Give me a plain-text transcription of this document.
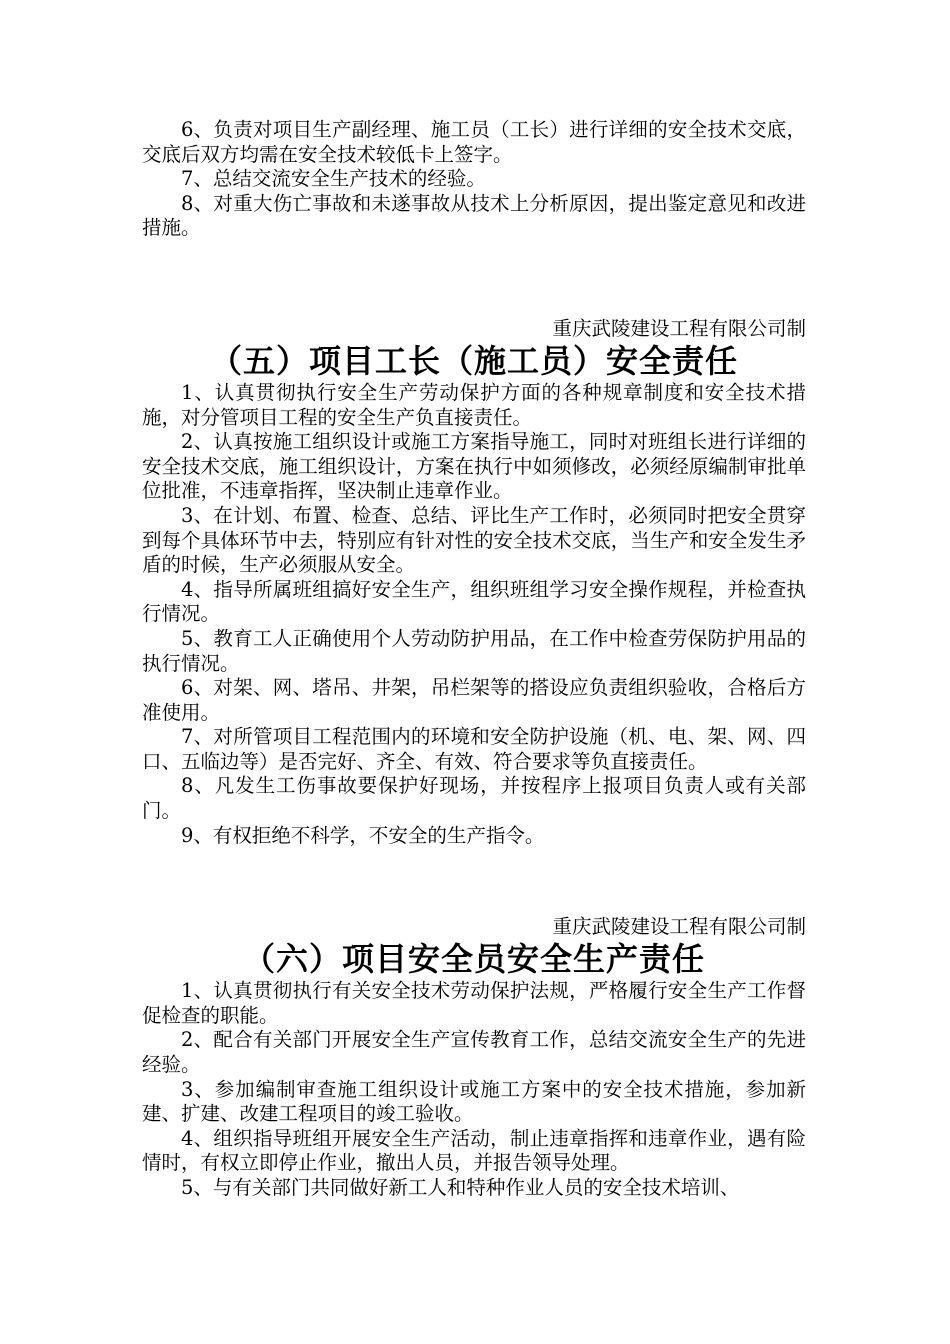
6、负责对项目生产副经理、施工员（工长）进行详细的安全技术交底，交底后双方均需在安全技术较低卡上签字。

7、总结交流安全生产技术的经验。

8、对重大伤亡事故和未遂事故从技术上分析原因，提出鉴定意见和改进措施。

重庆武陵建设工程有限公司制

（五）项目工长（施工员）安全责任

1、认真贯彻执行安全生产劳动保护方面的各种规章制度和安全技术措施，对分管项目工程的安全生产负直接责任。

2、认真按施工组织设计或施工方案指导施工，同时对班组长进行详细的安全技术交底，施工组织设计，方案在执行中如须修改，必须经原编制审批单位批准，不违章指挥，坚决制止违章作业。

3、在计划、布置、检查、总结、评比生产工作时，必须同时把安全贯穿到每个具体环节中去，特别应有针对性的安全技术交底，当生产和安全发生矛盾的时候，生产必须服从安全。

4、指导所属班组搞好安全生产，组织班组学习安全操作规程，并检查执行情况。

5、教育工人正确使用个人劳动防护用品，在工作中检查劳保防护用品的执行情况。

6、对架、网、塔吊、井架，吊栏架等的搭设应负责组织验收，合格后方准使用。

7、对所管项目工程范围内的环境和安全防护设施（机、电、架、网、四口、五临边等）是否完好、齐全、有效、符合要求等负直接责任。

8、凡发生工伤事故要保护好现场，并按程序上报项目负责人或有关部门。

9、有权拒绝不科学，不安全的生产指令。

重庆武陵建设工程有限公司制

（六）项目安全员安全生产责任

1、认真贯彻执行有关安全技术劳动保护法规，严格履行安全生产工作督促检查的职能。

2、配合有关部门开展安全生产宣传教育工作，总结交流安全生产的先进经验。

3、参加编制审查施工组织设计或施工方案中的安全技术措施，参加新建、扩建、改建工程项目的竣工验收。

4、组织指导班组开展安全生产活动，制止违章指挥和违章作业，遇有险情时，有权立即停止作业，撤出人员，并报告领导处理。

5、与有关部门共同做好新工人和特种作业人员的安全技术培训、
